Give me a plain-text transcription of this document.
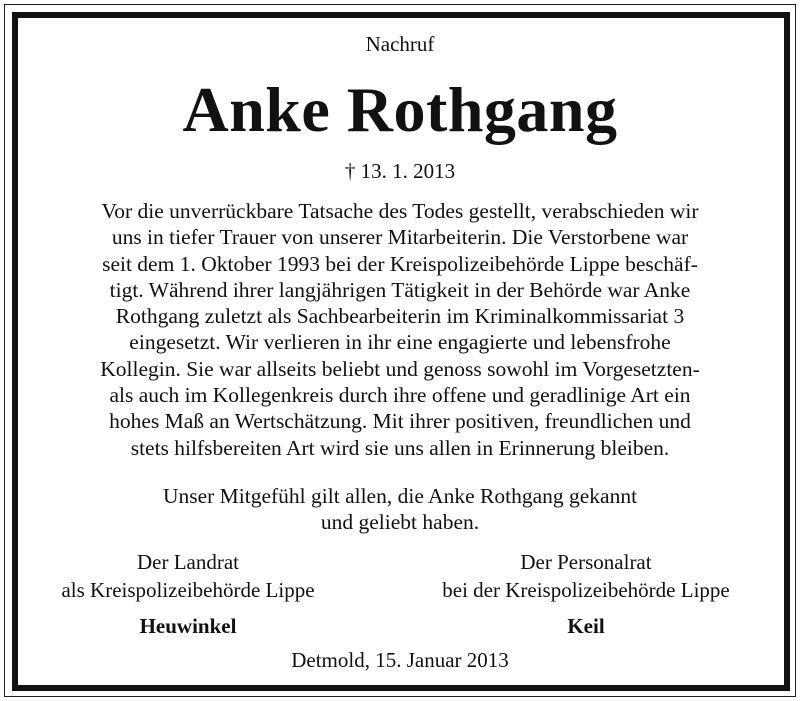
Nachruf
Anke Rothgang
† 13. 1. 2013
Vor die unverrückbare Tatsache des Todes gestellt, verabschieden wir
uns in tiefer Trauer von unserer Mitarbeiterin. Die Verstorbene war
seit dem 1. Oktober 1993 bei der Kreispolizeibehörde Lippe beschäf-
tigt. Während ihrer langjährigen Tätigkeit in der Behörde war Anke
Rothgang zuletzt als Sachbearbeiterin im Kriminalkommissariat 3
eingesetzt. Wir verlieren in ihr eine engagierte und lebensfrohe
Kollegin. Sie war allseits beliebt und genoss sowohl im Vorgesetzten-
als auch im Kollegenkreis durch ihre offene und geradlinige Art ein
hohes Maß an Wertschätzung. Mit ihrer positiven, freundlichen und
stets hilfsbereiten Art wird sie uns allen in Erinnerung bleiben.
Unser Mitgefühl gilt allen, die Anke Rothgang gekannt
und geliebt haben.
Der Landrat
als Kreispolizeibehörde Lippe
Heuwinkel
Der Personalrat
bei der Kreispolizeibehörde Lippe
Keil
Detmold, 15. Januar 2013
